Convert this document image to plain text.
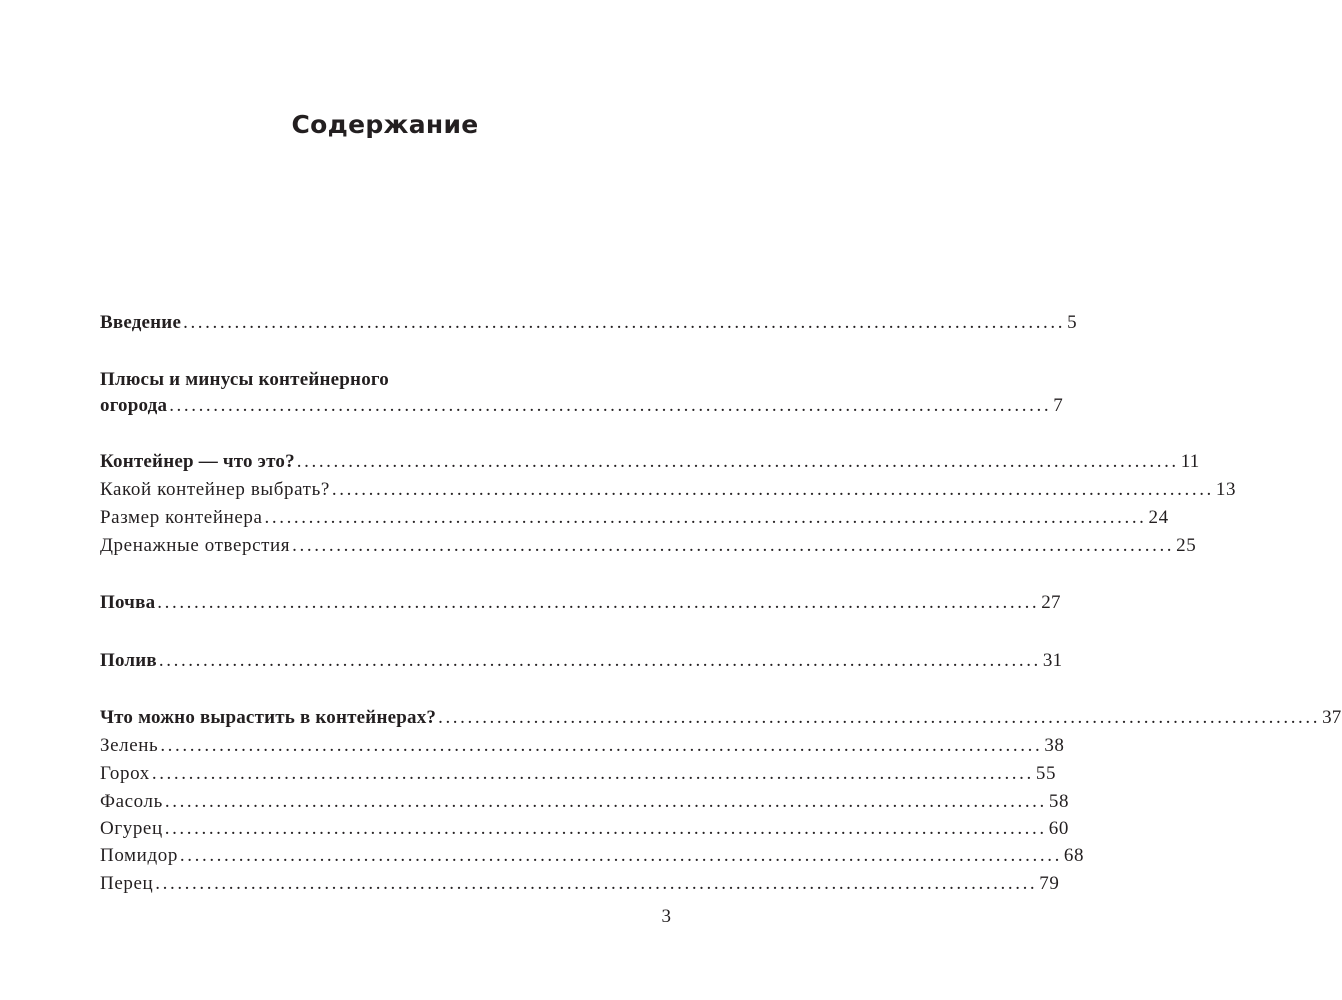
Содержание
Введение ........................................................................................................................ 5
Плюсы и минусы контейнерного
огорода ........................................................................................................................ 7
Контейнер — что это? ........................................................................................................................ 11
Какой контейнер выбрать? ........................................................................................................................ 13
Размер контейнера ........................................................................................................................ 24
Дренажные отверстия ........................................................................................................................ 25
Почва ........................................................................................................................ 27
Полив ........................................................................................................................ 31
Что можно вырастить в контейнерах? ........................................................................................................................ 37
Зелень ........................................................................................................................ 38
Горох ........................................................................................................................ 55
Фасоль ........................................................................................................................ 58
Огурец ........................................................................................................................ 60
Помидор ........................................................................................................................ 68
Перец ........................................................................................................................ 79
3
